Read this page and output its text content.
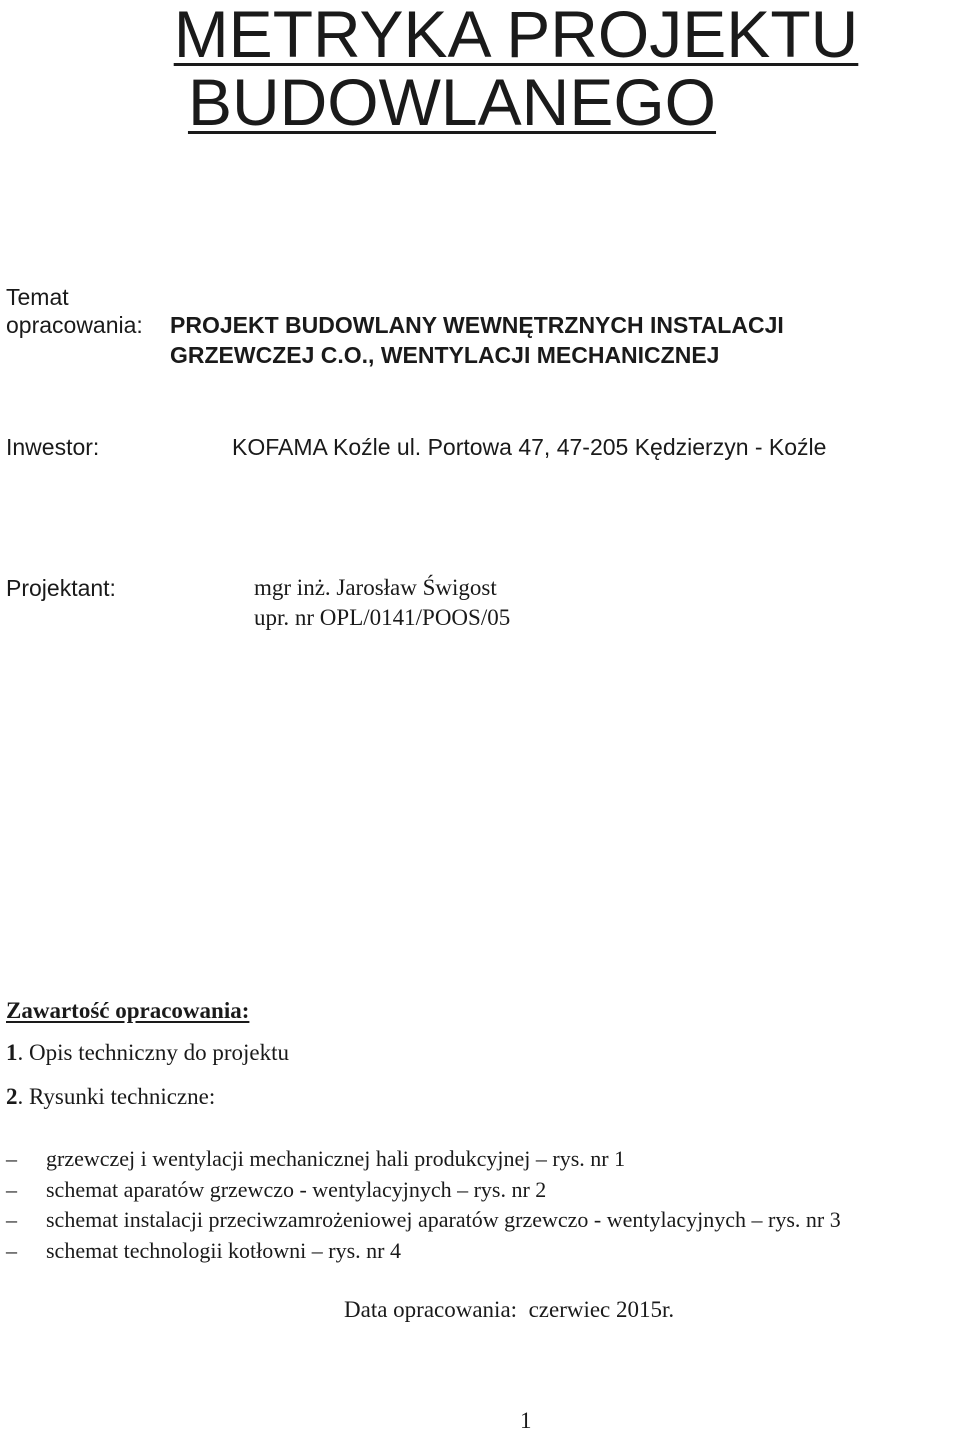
METRYKA PROJEKTU
BUDOWLANEGO
Temat
opracowania: PROJEKT BUDOWLANY WEWNĘTRZNYCH INSTALACJI
GRZEWCZEJ C.O., WENTYLACJI MECHANICZNEJ
Inwestor:	KOFAMA Koźle ul. Portowa 47, 47-205 Kędzierzyn - Koźle
Projektant:	mgr inż. Jarosław Świgost
upr. nr OPL/0141/POOS/05
Zawartość opracowania:
1. Opis techniczny do projektu
2. Rysunki techniczne:
– grzewczej i wentylacji mechanicznej hali produkcyjnej – rys. nr 1
– schemat aparatów grzewczo - wentylacyjnych – rys. nr 2
– schemat instalacji przeciwzamrożeniowej aparatów grzewczo - wentylacyjnych – rys. nr 3
– schemat technologii kotłowni – rys. nr 4
Data opracowania: czerwiec 2015r.
1
